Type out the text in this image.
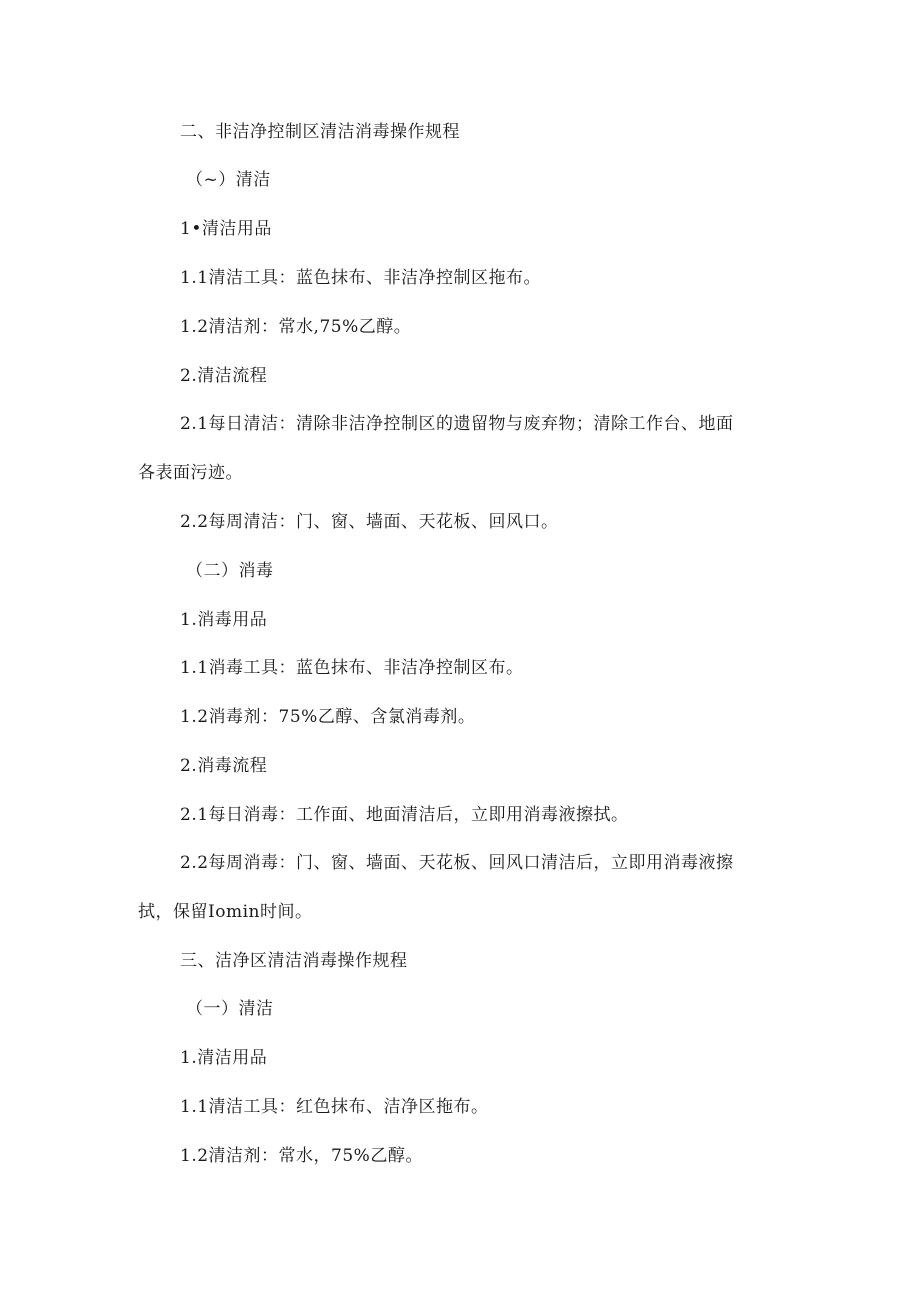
二、非洁净控制区清洁消毒操作规程
（~）清洁
1•清洁用品
1.1清洁工具：蓝色抹布、非洁净控制区拖布。
1.2清洁剂：常水,75%乙醇。
2.清洁流程
2.1每日清洁：清除非洁净控制区的遗留物与废弃物；清除工作台、地面
各表面污迹。
2.2每周清洁：门、窗、墙面、天花板、回风口。
（二）消毒
1.消毒用品
1.1消毒工具：蓝色抹布、非洁净控制区布。
1.2消毒剂：75%乙醇、含氯消毒剂。
2.消毒流程
2.1每日消毒：工作面、地面清洁后，立即用消毒液擦拭。
2.2每周消毒：门、窗、墙面、天花板、回风口清洁后，立即用消毒液擦
拭，保留Iomin时间。
三、洁净区清洁消毒操作规程
（一）清洁
1.清洁用品
1.1清洁工具：红色抹布、洁净区拖布。
1.2清洁剂：常水，75%乙醇。
